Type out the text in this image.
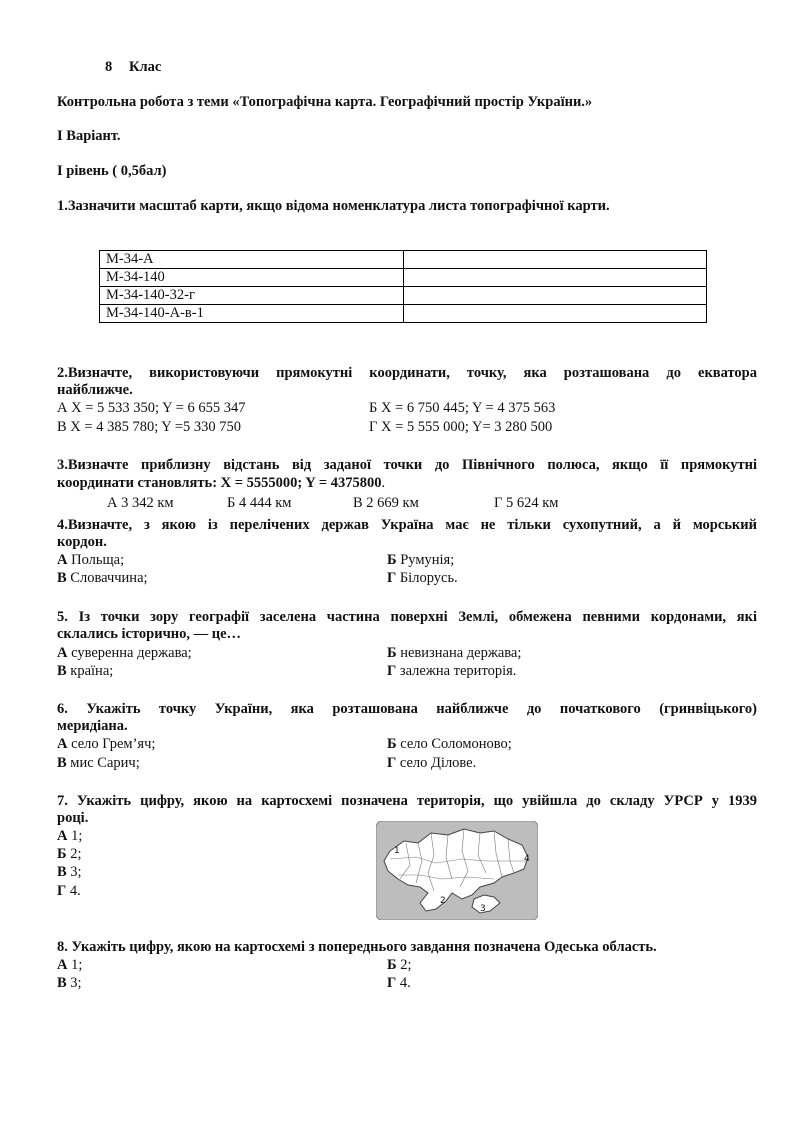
8 Клас
Контрольна робота з теми «Топографічна карта. Географічний простір України.»
I Варіант.
I рівень ( 0,5бал)
1.Зазначити масштаб карти, якщо відома номенклатура листа топографічної карти.
M-34-A	
M-34-140	
M-34-140-32-г	
M-34-140-A-в-1	
2.Визначте, використовуючи прямокутні координати, точку, яка розташована до екватора
найближче.
А X = 5 533 350; Y = 6 655 347	Б X = 6 750 445; Y = 4 375 563
В X = 4 385 780; Y =5 330 750	Г X = 5 555 000; Y= 3 280 500
3.Визначте приблизну відстань від заданої точки до Північного полюса, якщо її прямокутні
координати становлять: X = 5555000; Y = 4375800.
А 3 342 км	Б 4 444 км	В 2 669 км	Г 5 624 км
4.Визначте, з якою із перелічених держав Україна має не тільки сухопутний, а й морський
кордон.
А Польща;	Б Румунія;
В Словаччина;	Г Білорусь.
5. Із точки зору географії заселена частина поверхні Землі, обмежена певними кордонами, які
склались історично, — це…
А суверенна держава;	Б невизнана держава;
В країна;	Г залежна територія.
6. Укажіть точку України, яка розташована найближче до початкового (гринвіцького)
меридіана.
А село Грем’яч;	Б село Соломоново;
В мис Сарич;	Г село Ділове.
7. Укажіть цифру, якою на картосхемі позначена територія, що увійшла до складу УРСР у 1939
році.
А 1;
Б 2;
В 3;
Г 4.
1
2
3
4
8. Укажіть цифру, якою на картосхемі з попереднього завдання позначена Одеська область.
А 1;	Б 2;
В 3;	Г 4.
